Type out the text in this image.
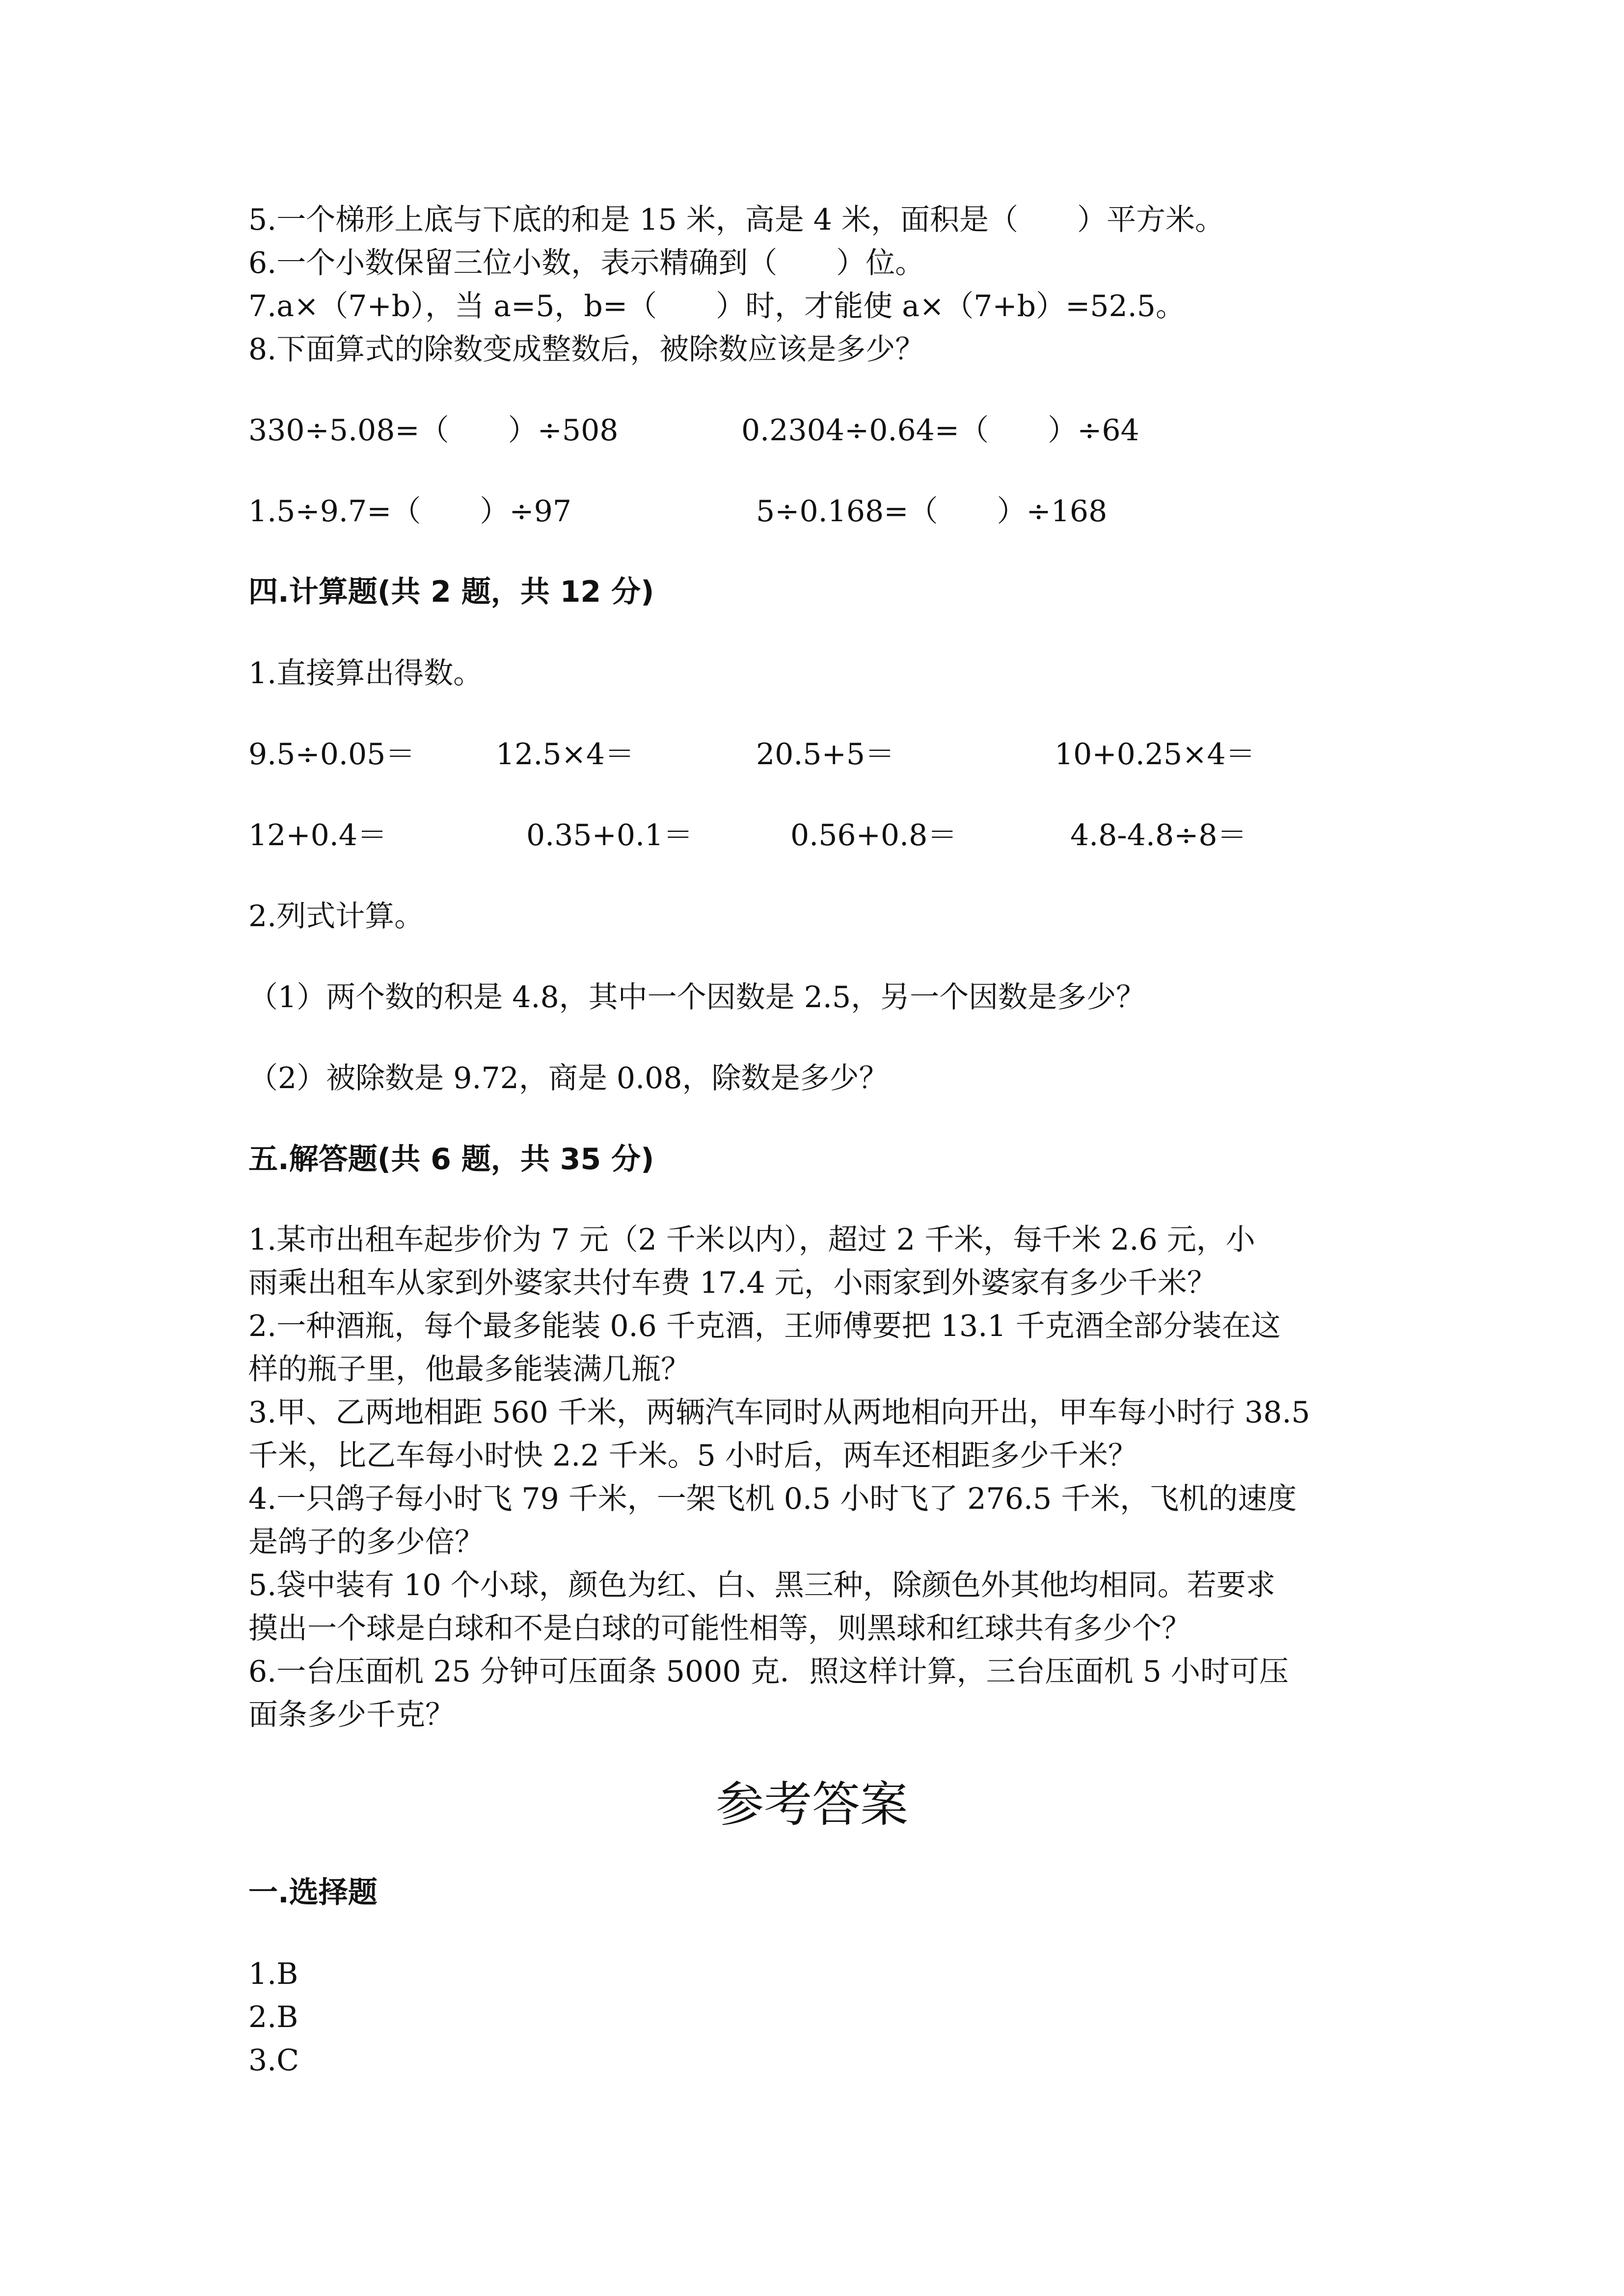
5.一个梯形上底与下底的和是 15 米，高是 4 米，面积是（　　）平方米。
6.一个小数保留三位小数，表示精确到（　　）位。
7.a×（7+b），当 a=5，b=（　　）时，才能使 a×（7+b）=52.5。
8.下面算式的除数变成整数后，被除数应该是多少？
330÷5.08=（　　）÷508	0.2304÷0.64=（　　）÷64
1.5÷9.7=（　　）÷97	5÷0.168=（　　）÷168
四.计算题(共 2 题，共 12 分)
1.直接算出得数。
9.5÷0.05＝	12.5×4＝	20.5+5＝	10+0.25×4＝
12+0.4＝	0.35+0.1＝	0.56+0.8＝	4.8-4.8÷8＝
2.列式计算。
（1）两个数的积是 4.8，其中一个因数是 2.5，另一个因数是多少？
（2）被除数是 9.72，商是 0.08，除数是多少？
五.解答题(共 6 题，共 35 分)
1.某市出租车起步价为 7 元（2 千米以内），超过 2 千米，每千米 2.6 元，小
雨乘出租车从家到外婆家共付车费 17.4 元，小雨家到外婆家有多少千米？
2.一种酒瓶，每个最多能装 0.6 千克酒，王师傅要把 13.1 千克酒全部分装在这
样的瓶子里，他最多能装满几瓶？
3.甲、乙两地相距 560 千米，两辆汽车同时从两地相向开出，甲车每小时行 38.5
千米，比乙车每小时快 2.2 千米。5 小时后，两车还相距多少千米？
4.一只鸽子每小时飞 79 千米，一架飞机 0.5 小时飞了 276.5 千米，飞机的速度
是鸽子的多少倍？
5.袋中装有 10 个小球，颜色为红、白、黑三种，除颜色外其他均相同。若要求
摸出一个球是白球和不是白球的可能性相等，则黑球和红球共有多少个？
6.一台压面机 25 分钟可压面条 5000 克．照这样计算，三台压面机 5 小时可压
面条多少千克？
参考答案
一.选择题
1.B
2.B
3.C
